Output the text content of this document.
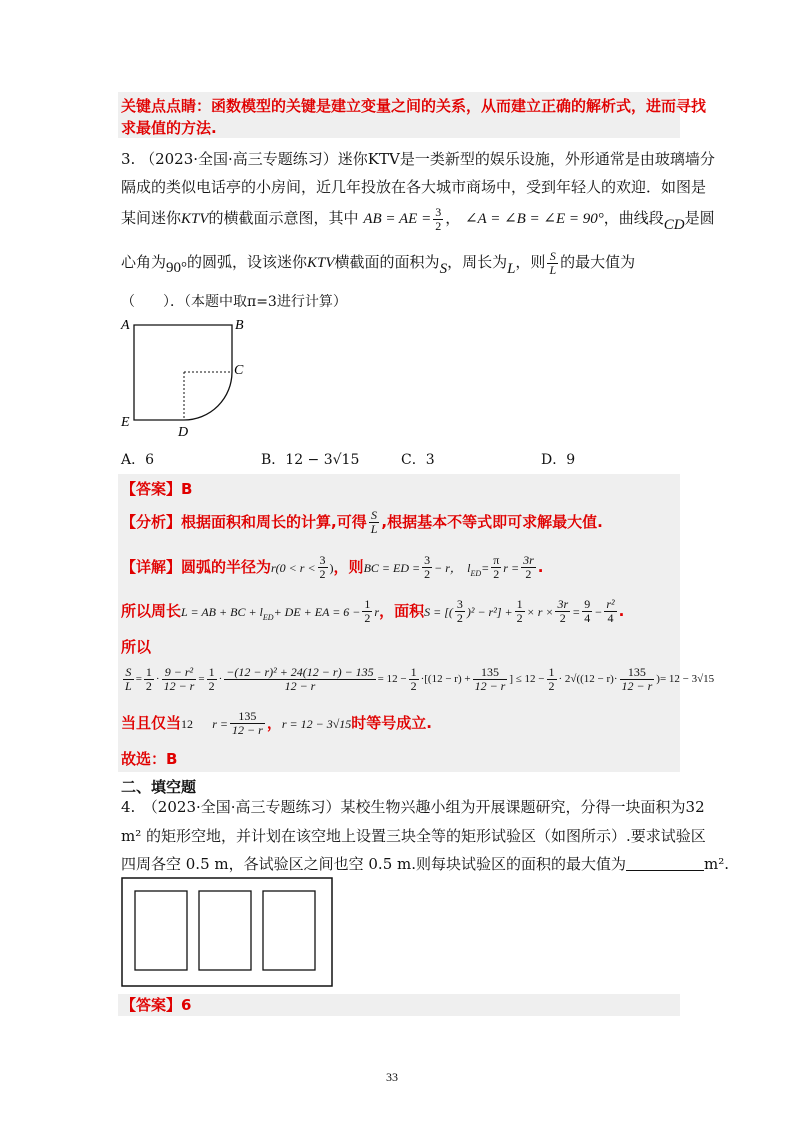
关键点点睛：函数模型的关键是建立变量之间的关系，从而建立正确的解析式，进而寻找
求最值的方法.
3. （2023·全国·高三专题练习）迷你KTV是一类新型的娱乐设施，外形通常是由玻璃墙分
隔成的类似电话亭的小房间，近几年投放在各大城市商场中，受到年轻人的欢迎．如图是
某间迷你KTV的横截面示意图，其中 AB = AE = $\frac{3}{2}$ ， ∠A = ∠B = ∠E = 90°，曲线段CD是圆
心角为90°的圆弧，设该迷你KTV横截面的面积为S，周长为L，则 $\frac{S}{L}$ 的最大值为
（　　）．（本题中取π=3进行计算）
A	B
C
E
D
A．6	B．12 − 3√15	C．3	D．9
【答案】B
【分析】根据面积和周长的计算,可得 $\frac{S}{L}$ ,根据基本不等式即可求解最大值.
【详解】圆弧的半径为$r(0 < r < \frac{3}{2}$ )，则BC = ED = $\frac{3}{2} - r$， $l_{ED}= \frac{\pi}{2}$ $r = \frac{3r}{2}$ .
所以周长L = AB + BC + $l_{ED}+$ DE + EA = $6 - \frac{1}{2}$ r，面积S = [( $\frac{3}{2} )^2 - r^2] + \frac{1}{2} \times r \times \frac{3r}{2} = \frac{9}{4} - \frac{\text{r²}}{4}$ .
所以
$\frac{S}{L} = \frac{1}{2} \cdot \frac{\text{9 − r²}}{12 - r} = \frac{1}{2} \cdot \frac{\text{−(12 − r)² + 24(12 − r) − 135}}{12 - r} = 12 - \frac{1}{2} \cdot[(12 - r) + \frac{135}{12 - r}$ ] ≤ $12 - \frac{1}{2} \cdot 2√((12 - r)\cdot \frac{135}{12 - r}$ )= 12 − 3√15
当且仅当12 $r = \frac{135}{12 - r}$ ，r = 12 − 3√15时等号成立.
故选：B
二、填空题
4.　（2023·全国·高三专题练习）某校生物兴趣小组为开展课题研究，分得一块面积为32
m² 的矩形空地，并计划在该空地上设置三块全等的矩形试验区（如图所示）.要求试验区
四周各空 0.5 m，各试验区之间也空 0.5 m.则每块试验区的面积的最大值为	m².
【答案】6
33
